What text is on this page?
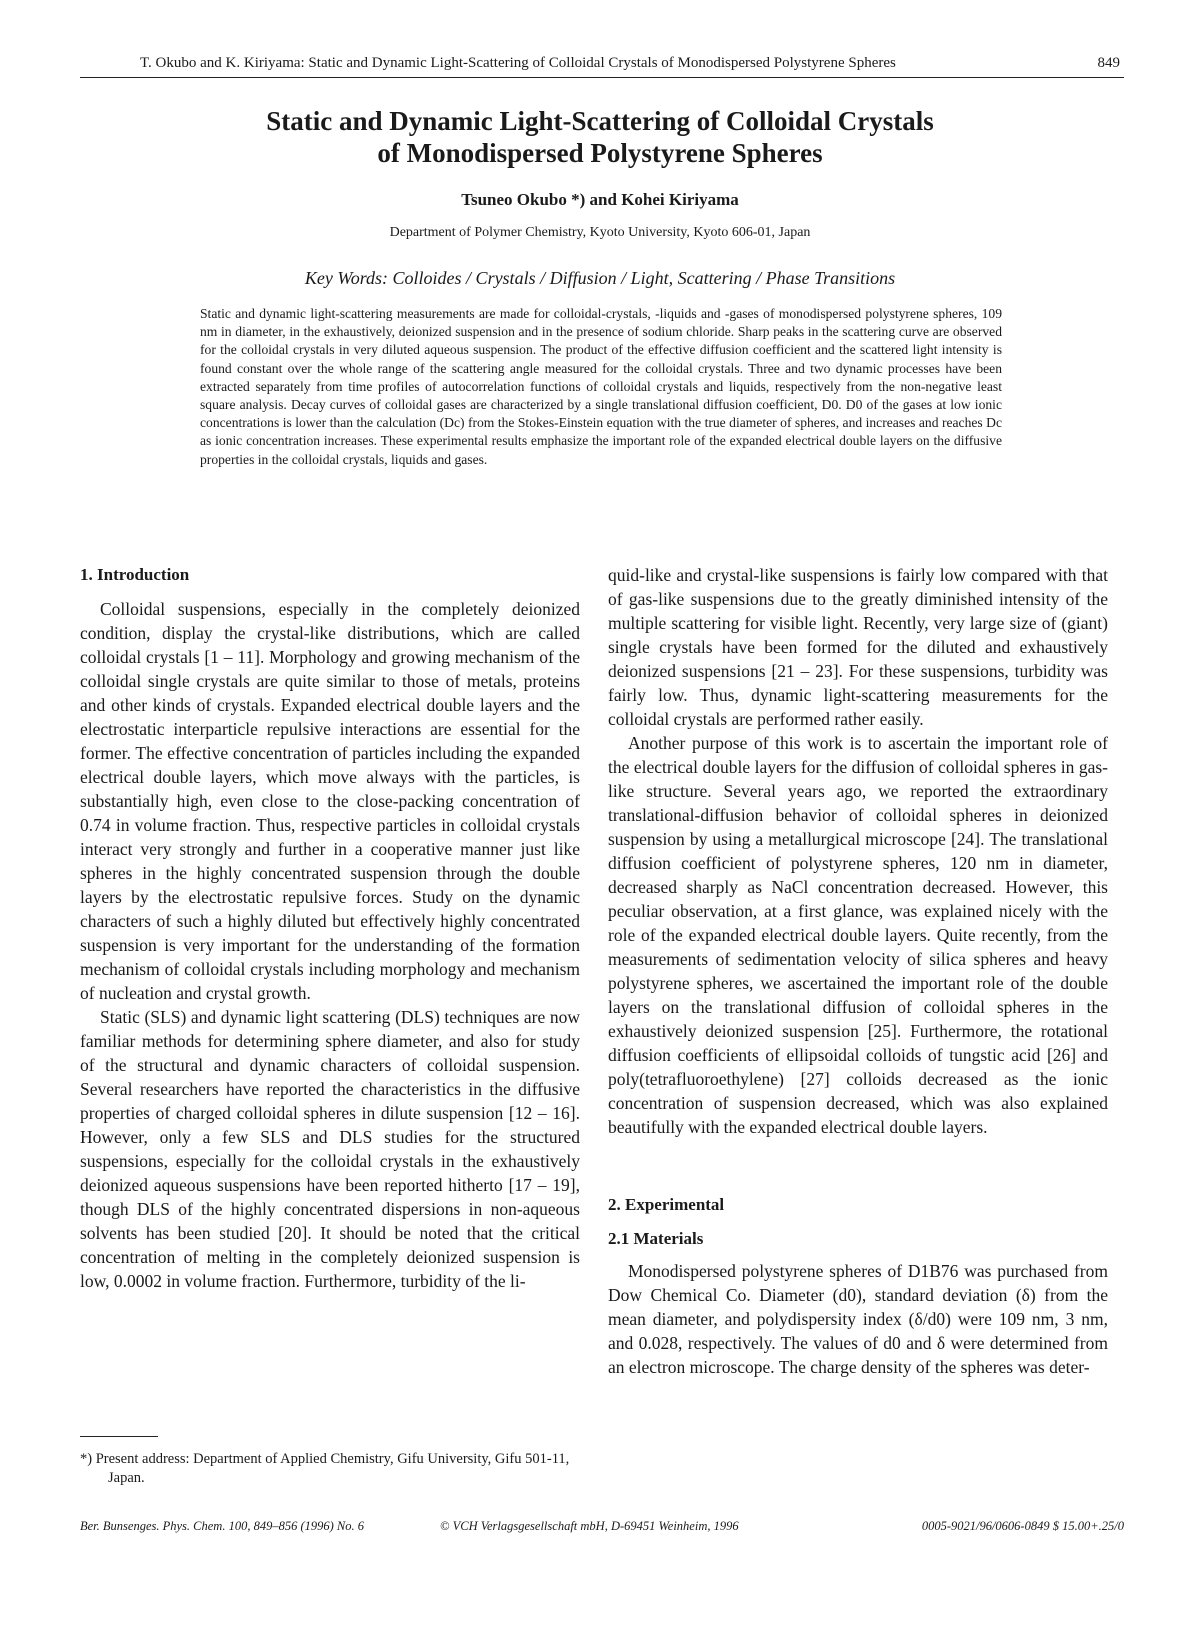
T. Okubo and K. Kiriyama: Static and Dynamic Light-Scattering of Colloidal Crystals of Monodispersed Polystyrene Spheres	849
Static and Dynamic Light-Scattering of Colloidal Crystals
of Monodispersed Polystyrene Spheres
Tsuneo Okubo *) and Kohei Kiriyama
Department of Polymer Chemistry, Kyoto University, Kyoto 606-01, Japan
Key Words: Colloides / Crystals / Diffusion / Light, Scattering / Phase Transitions
Static and dynamic light-scattering measurements are made for colloidal-crystals, -liquids and -gases of monodispersed polystyrene spheres, 109 nm in diameter, in the exhaustively, deionized suspension and in the presence of sodium chloride. Sharp peaks in the scattering curve are observed for the colloidal crystals in very diluted aqueous suspension. The product of the effective diffusion coefficient and the scattered light intensity is found constant over the whole range of the scattering angle measured for the colloidal crystals. Three and two dynamic processes have been extracted separately from time profiles of autocorrelation functions of colloidal crystals and liquids, respectively from the non-negative least square analysis. Decay curves of colloidal gases are characterized by a single translational diffusion coefficient, D0. D0 of the gases at low ionic concentrations is lower than the calculation (Dc) from the Stokes-Einstein equation with the true diameter of spheres, and increases and reaches Dc as ionic concentration increases. These experimental results emphasize the important role of the expanded electrical double layers on the diffusive properties in the colloidal crystals, liquids and gases.
1. Introduction

Colloidal suspensions, especially in the completely deionized condition, display the crystal-like distributions, which are called colloidal crystals [1 – 11]. Morphology and growing mechanism of the colloidal single crystals are quite similar to those of metals, proteins and other kinds of crystals. Expanded electrical double layers and the electrostatic interparticle repulsive interactions are essential for the former. The effective concentration of particles including the expanded electrical double layers, which move always with the particles, is substantially high, even close to the close-packing concentration of 0.74 in volume fraction. Thus, respective particles in colloidal crystals interact very strongly and further in a cooperative manner just like spheres in the highly concentrated suspension through the double layers by the electrostatic repulsive forces. Study on the dynamic characters of such a highly diluted but effectively highly concentrated suspension is very important for the understanding of the formation mechanism of colloidal crystals including morphology and mechanism of nucleation and crystal growth.

Static (SLS) and dynamic light scattering (DLS) techniques are now familiar methods for determining sphere diameter, and also for study of the structural and dynamic characters of colloidal suspension. Several researchers have reported the characteristics in the diffusive properties of charged colloidal spheres in dilute suspension [12 – 16]. However, only a few SLS and DLS studies for the structured suspensions, especially for the colloidal crystals in the exhaustively deionized aqueous suspensions have been reported hitherto [17 – 19], though DLS of the highly concentrated dispersions in non-aqueous solvents has been studied [20]. It should be noted that the critical concentration of melting in the completely deionized suspension is low, 0.0002 in volume fraction. Furthermore, turbidity of the li-

quid-like and crystal-like suspensions is fairly low compared with that of gas-like suspensions due to the greatly diminished intensity of the multiple scattering for visible light. Recently, very large size of (giant) single crystals have been formed for the diluted and exhaustively deionized suspensions [21 – 23]. For these suspensions, turbidity was fairly low. Thus, dynamic light-scattering measurements for the colloidal crystals are performed rather easily.

Another purpose of this work is to ascertain the important role of the electrical double layers for the diffusion of colloidal spheres in gas-like structure. Several years ago, we reported the extraordinary translational-diffusion behavior of colloidal spheres in deionized suspension by using a metallurgical microscope [24]. The translational diffusion coefficient of polystyrene spheres, 120 nm in diameter, decreased sharply as NaCl concentration decreased. However, this peculiar observation, at a first glance, was explained nicely with the role of the expanded electrical double layers. Quite recently, from the measurements of sedimentation velocity of silica spheres and heavy polystyrene spheres, we ascertained the important role of the double layers on the translational diffusion of colloidal spheres in the exhaustively deionized suspension [25]. Furthermore, the rotational diffusion coefficients of ellipsoidal colloids of tungstic acid [26] and poly(tetrafluoroethylene) [27] colloids decreased as the ionic concentration of suspension decreased, which was also explained beautifully with the expanded electrical double layers.

2. Experimental
2.1 Materials

Monodispersed polystyrene spheres of D1B76 was purchased from Dow Chemical Co. Diameter (d0), standard deviation (δ) from the mean diameter, and polydispersity index (δ/d0) were 109 nm, 3 nm, and 0.028, respectively. The values of d0 and δ were determined from an electron microscope. The charge density of the spheres was deter-

*) Present address: Department of Applied Chemistry, Gifu University, Gifu 501-11, Japan.
Ber. Bunsenges. Phys. Chem. 100, 849–856 (1996) No. 6	© VCH Verlagsgesellschaft mbH, D-69451 Weinheim, 1996	0005-9021/96/0606-0849 $ 15.00+.25/0
